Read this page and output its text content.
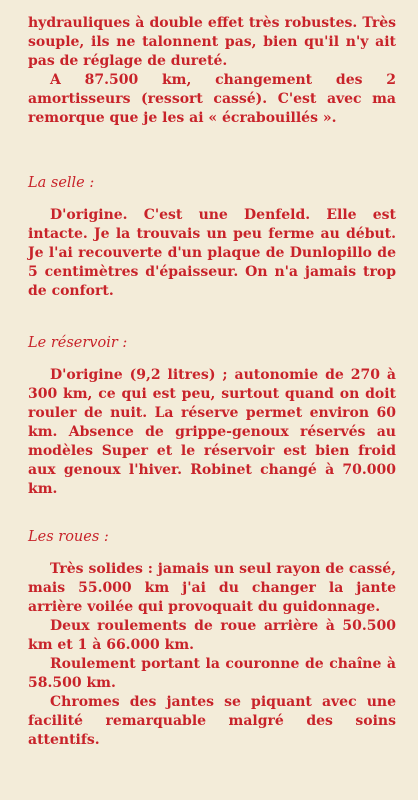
hydrauliques à double effet très robustes. Très souple, ils ne talonnent pas, bien qu'il n'y ait pas de réglage de dureté.

A 87.500 km, changement des 2 amortisseurs (ressort cassé). C'est avec ma remorque que je les ai « écrabouillés ».

La selle :

D'origine. C'est une Denfeld. Elle est intacte. Je la trouvais un peu ferme au début. Je l'ai recouverte d'un plaque de Dunlopillo de 5 centimètres d'épaisseur. On n'a jamais trop de confort.

Le réservoir :

D'origine (9,2 litres) ; autonomie de 270 à 300 km, ce qui est peu, surtout quand on doit rouler de nuit. La réserve permet environ 60 km. Absence de grippe-genoux réservés au modèles Super et le réservoir est bien froid aux genoux l'hiver. Robinet changé à 70.000 km.

Les roues :

Très solides : jamais un seul rayon de cassé, mais 55.000 km j'ai du changer la jante arrière voilée qui provoquait du guidonnage.

Deux roulements de roue arrière à 50.500 km et 1 à 66.000 km.

Roulement portant la couronne de chaîne à 58.500 km.

Chromes des jantes se piquant avec une facilité remarquable malgré des soins attentifs.
